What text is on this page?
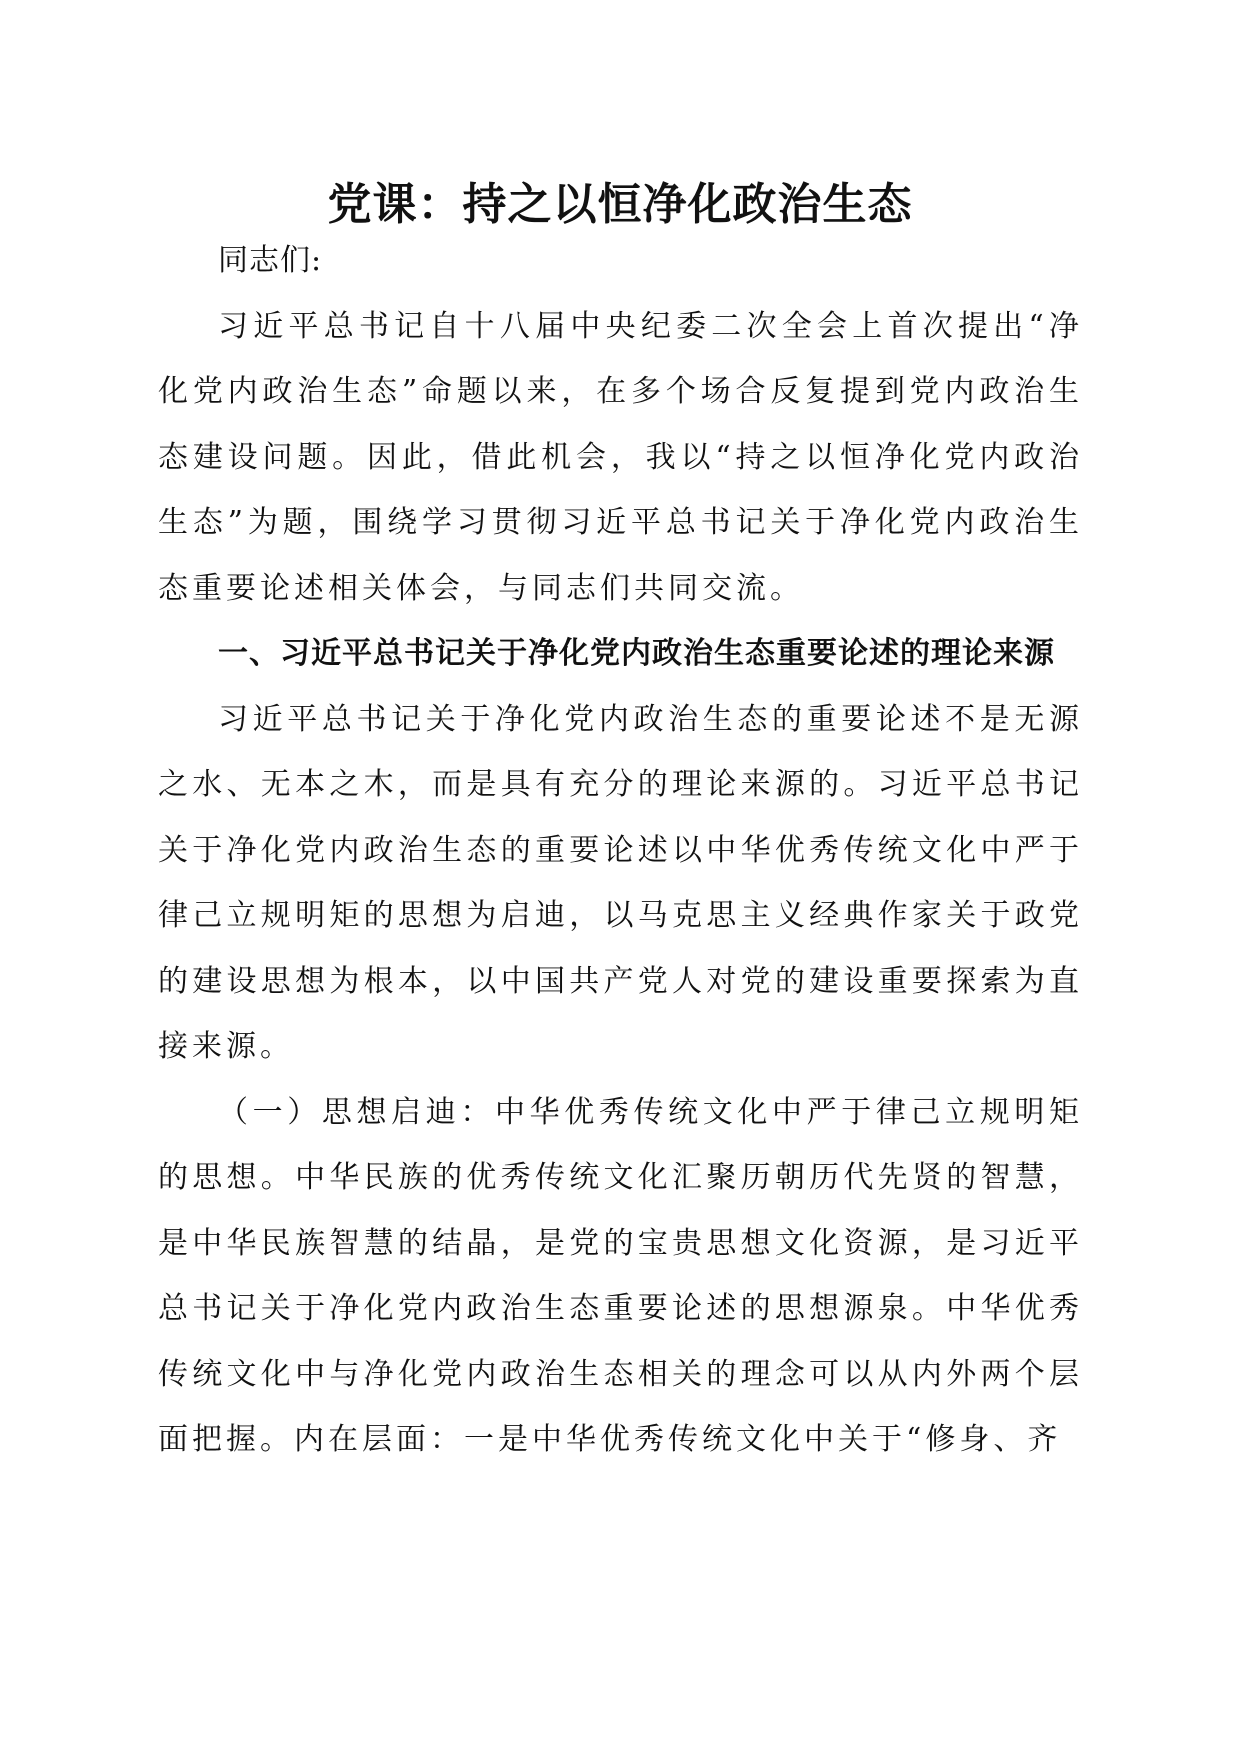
党课：持之以恒净化政治生态

同志们:

习近平总书记自十八届中央纪委二次全会上首次提出“净化党内政治生态”命题以来，在多个场合反复提到党内政治生态建设问题。因此，借此机会，我以“持之以恒净化党内政治生态”为题，围绕学习贯彻习近平总书记关于净化党内政治生态重要论述相关体会，与同志们共同交流。

一、习近平总书记关于净化党内政治生态重要论述的理论来源

习近平总书记关于净化党内政治生态的重要论述不是无源之水、无本之木，而是具有充分的理论来源的。习近平总书记关于净化党内政治生态的重要论述以中华优秀传统文化中严于律己立规明矩的思想为启迪，以马克思主义经典作家关于政党的建设思想为根本，以中国共产党人对党的建设重要探索为直接来源。

（一）思想启迪：中华优秀传统文化中严于律己立规明矩的思想。中华民族的优秀传统文化汇聚历朝历代先贤的智慧，是中华民族智慧的结晶，是党的宝贵思想文化资源，是习近平总书记关于净化党内政治生态重要论述的思想源泉。中华优秀传统文化中与净化党内政治生态相关的理念可以从内外两个层面把握。内在层面：一是中华优秀传统文化中关于“修身、齐
